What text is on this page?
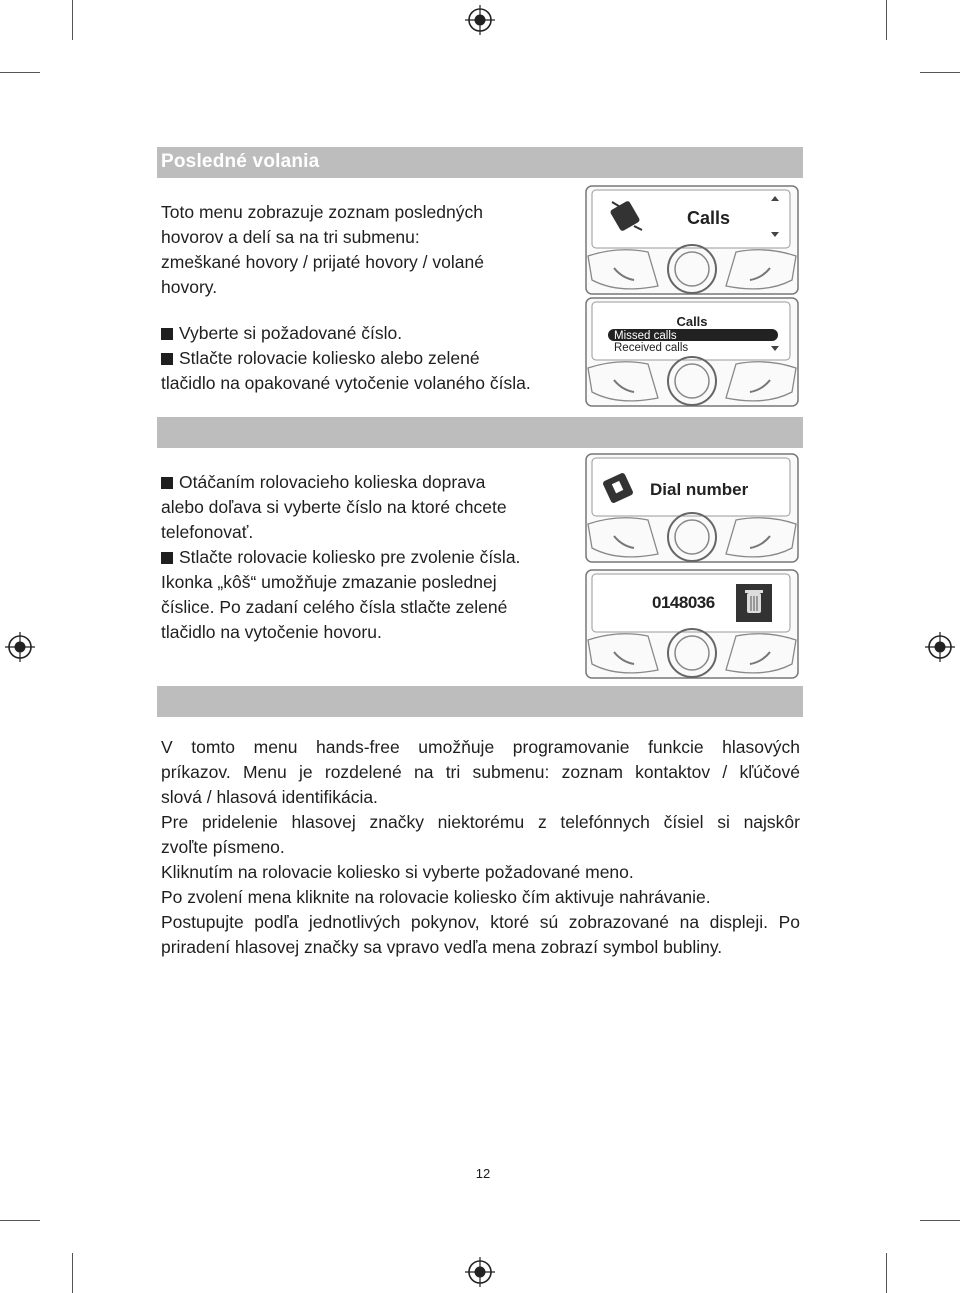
Posledné volania

Toto menu zobrazuje zoznam posledných

hovorov a delí sa na tri submenu:

zmeškané hovory / prijaté hovory / volané

hovory.

Vyberte si požadované číslo.

Stlačte rolovacie koliesko alebo zelené

tlačidlo na opakované vytočenie volaného čísla.

Calls
Calls
Missed calls
Received calls

Otáčaním rolovacieho kolieska doprava

alebo doľava si vyberte číslo na ktoré chcete

telefonovať.

Stlačte rolovacie koliesko pre zvolenie čísla.

Ikonka „kôš“ umožňuje zmazanie poslednej

číslice. Po zadaní celého čísla stlačte zelené

tlačidlo na vytočenie hovoru.

Dial number
0148036

V tomto menu hands-free umožňuje programovanie funkcie hlasových

príkazov. Menu je rozdelené na tri submenu: zoznam kontaktov / kľúčové

slová / hlasová identifikácia.

Pre pridelenie hlasovej značky niektorému z telefónnych čísiel si najskôr

zvoľte písmeno.

Kliknutím na rolovacie koliesko si vyberte požadované meno.

Po zvolení mena kliknite na rolovacie koliesko čím aktivuje nahrávanie.

Postupujte podľa jednotlivých pokynov, ktoré sú zobrazované na displeji. Po

priradení hlasovej značky sa vpravo vedľa mena zobrazí symbol bubliny.

12
